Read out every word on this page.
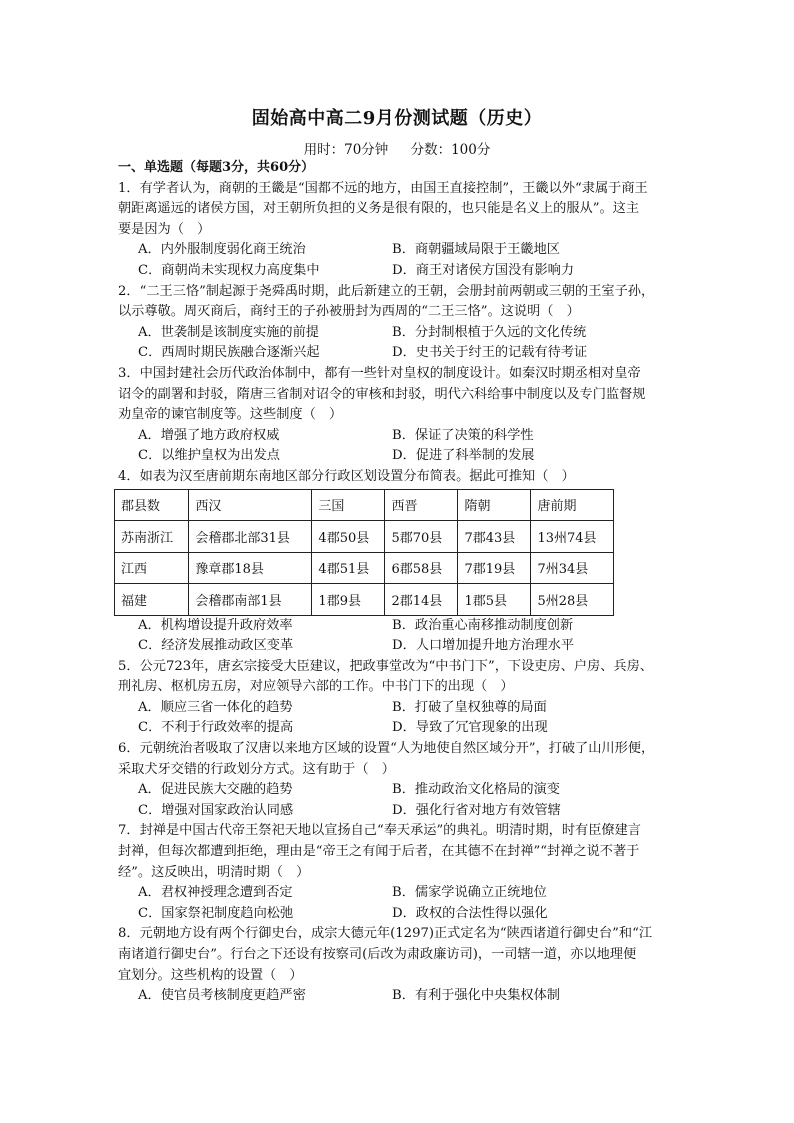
固始高中高二9月份测试题（历史）
用时：70分钟 分数：100分
一、单选题（每题3分，共60分）
1．有学者认为，商朝的王畿是“国都不远的地方，由国王直接控制”，王畿以外“隶属于商王
朝距离遥远的诸侯方国，对王朝所负担的义务是很有限的，也只能是名义上的服从”。这主
要是因为（　）
A．内外服制度弱化商王统治	B．商朝疆域局限于王畿地区
C．商朝尚未实现权力高度集中	D．商王对诸侯方国没有影响力
2．“二王三恪”制起源于尧舜禹时期，此后新建立的王朝，会册封前两朝或三朝的王室子孙，
以示尊敬。周灭商后，商纣王的子孙被册封为西周的“二王三恪”。这说明（　）
A．世袭制是该制度实施的前提	B．分封制根植于久远的文化传统
C．西周时期民族融合逐渐兴起	D．史书关于纣王的记载有待考证
3．中国封建社会历代政治体制中，都有一些针对皇权的制度设计。如秦汉时期丞相对皇帝
诏令的副署和封驳，隋唐三省制对诏令的审核和封驳，明代六科给事中制度以及专门监督规
劝皇帝的谏官制度等。这些制度（　）
A．增强了地方政府权威	B．保证了决策的科学性
C．以维护皇权为出发点	D．促进了科举制的发展
4．如表为汉至唐前期东南地区部分行政区划设置分布简表。据此可推知（　）
郡县数	西汉	三国	西晋	隋朝	唐前期
苏南浙江	会稽郡北部31县	4郡50县	5郡70县	7郡43县	13州74县
江西	豫章郡18县	4郡51县	6郡58县	7郡19县	7州34县
福建	会稽郡南部1县	1郡9县	2郡14县	1郡5县	5州28县
A．机构增设提升政府效率	B．政治重心南移推动制度创新
C．经济发展推动政区变革	D．人口增加提升地方治理水平
5．公元723年，唐玄宗接受大臣建议，把政事堂改为“中书门下”，下设吏房、户房、兵房、
刑礼房、枢机房五房，对应领导六部的工作。中书门下的出现（　）
A．顺应三省一体化的趋势	B．打破了皇权独尊的局面
C．不利于行政效率的提高	D．导致了冗官现象的出现
6．元朝统治者吸取了汉唐以来地方区域的设置“人为地使自然区域分开”，打破了山川形便，
采取犬牙交错的行政划分方式。这有助于（　）
A．促进民族大交融的趋势	B．推动政治文化格局的演变
C．增强对国家政治认同感	D．强化行省对地方有效管辖
7．封禅是中国古代帝王祭祀天地以宣扬自己“奉天承运”的典礼。明清时期，时有臣僚建言
封禅，但每次都遭到拒绝，理由是“帝王之有闻于后者，在其德不在封禅”“封禅之说不著于
经”。这反映出，明清时期（　）
A．君权神授理念遭到否定	B．儒家学说确立正统地位
C．国家祭祀制度趋向松弛	D．政权的合法性得以强化
8．元朝地方设有两个行御史台，成宗大德元年(1297)正式定名为“陕西诸道行御史台”和“江
南诸道行御史台”。行台之下还设有按察司(后改为肃政廉访司)，一司辖一道，亦以地理便
宜划分。这些机构的设置（　）
A．使官员考核制度更趋严密	B．有利于强化中央集权体制
